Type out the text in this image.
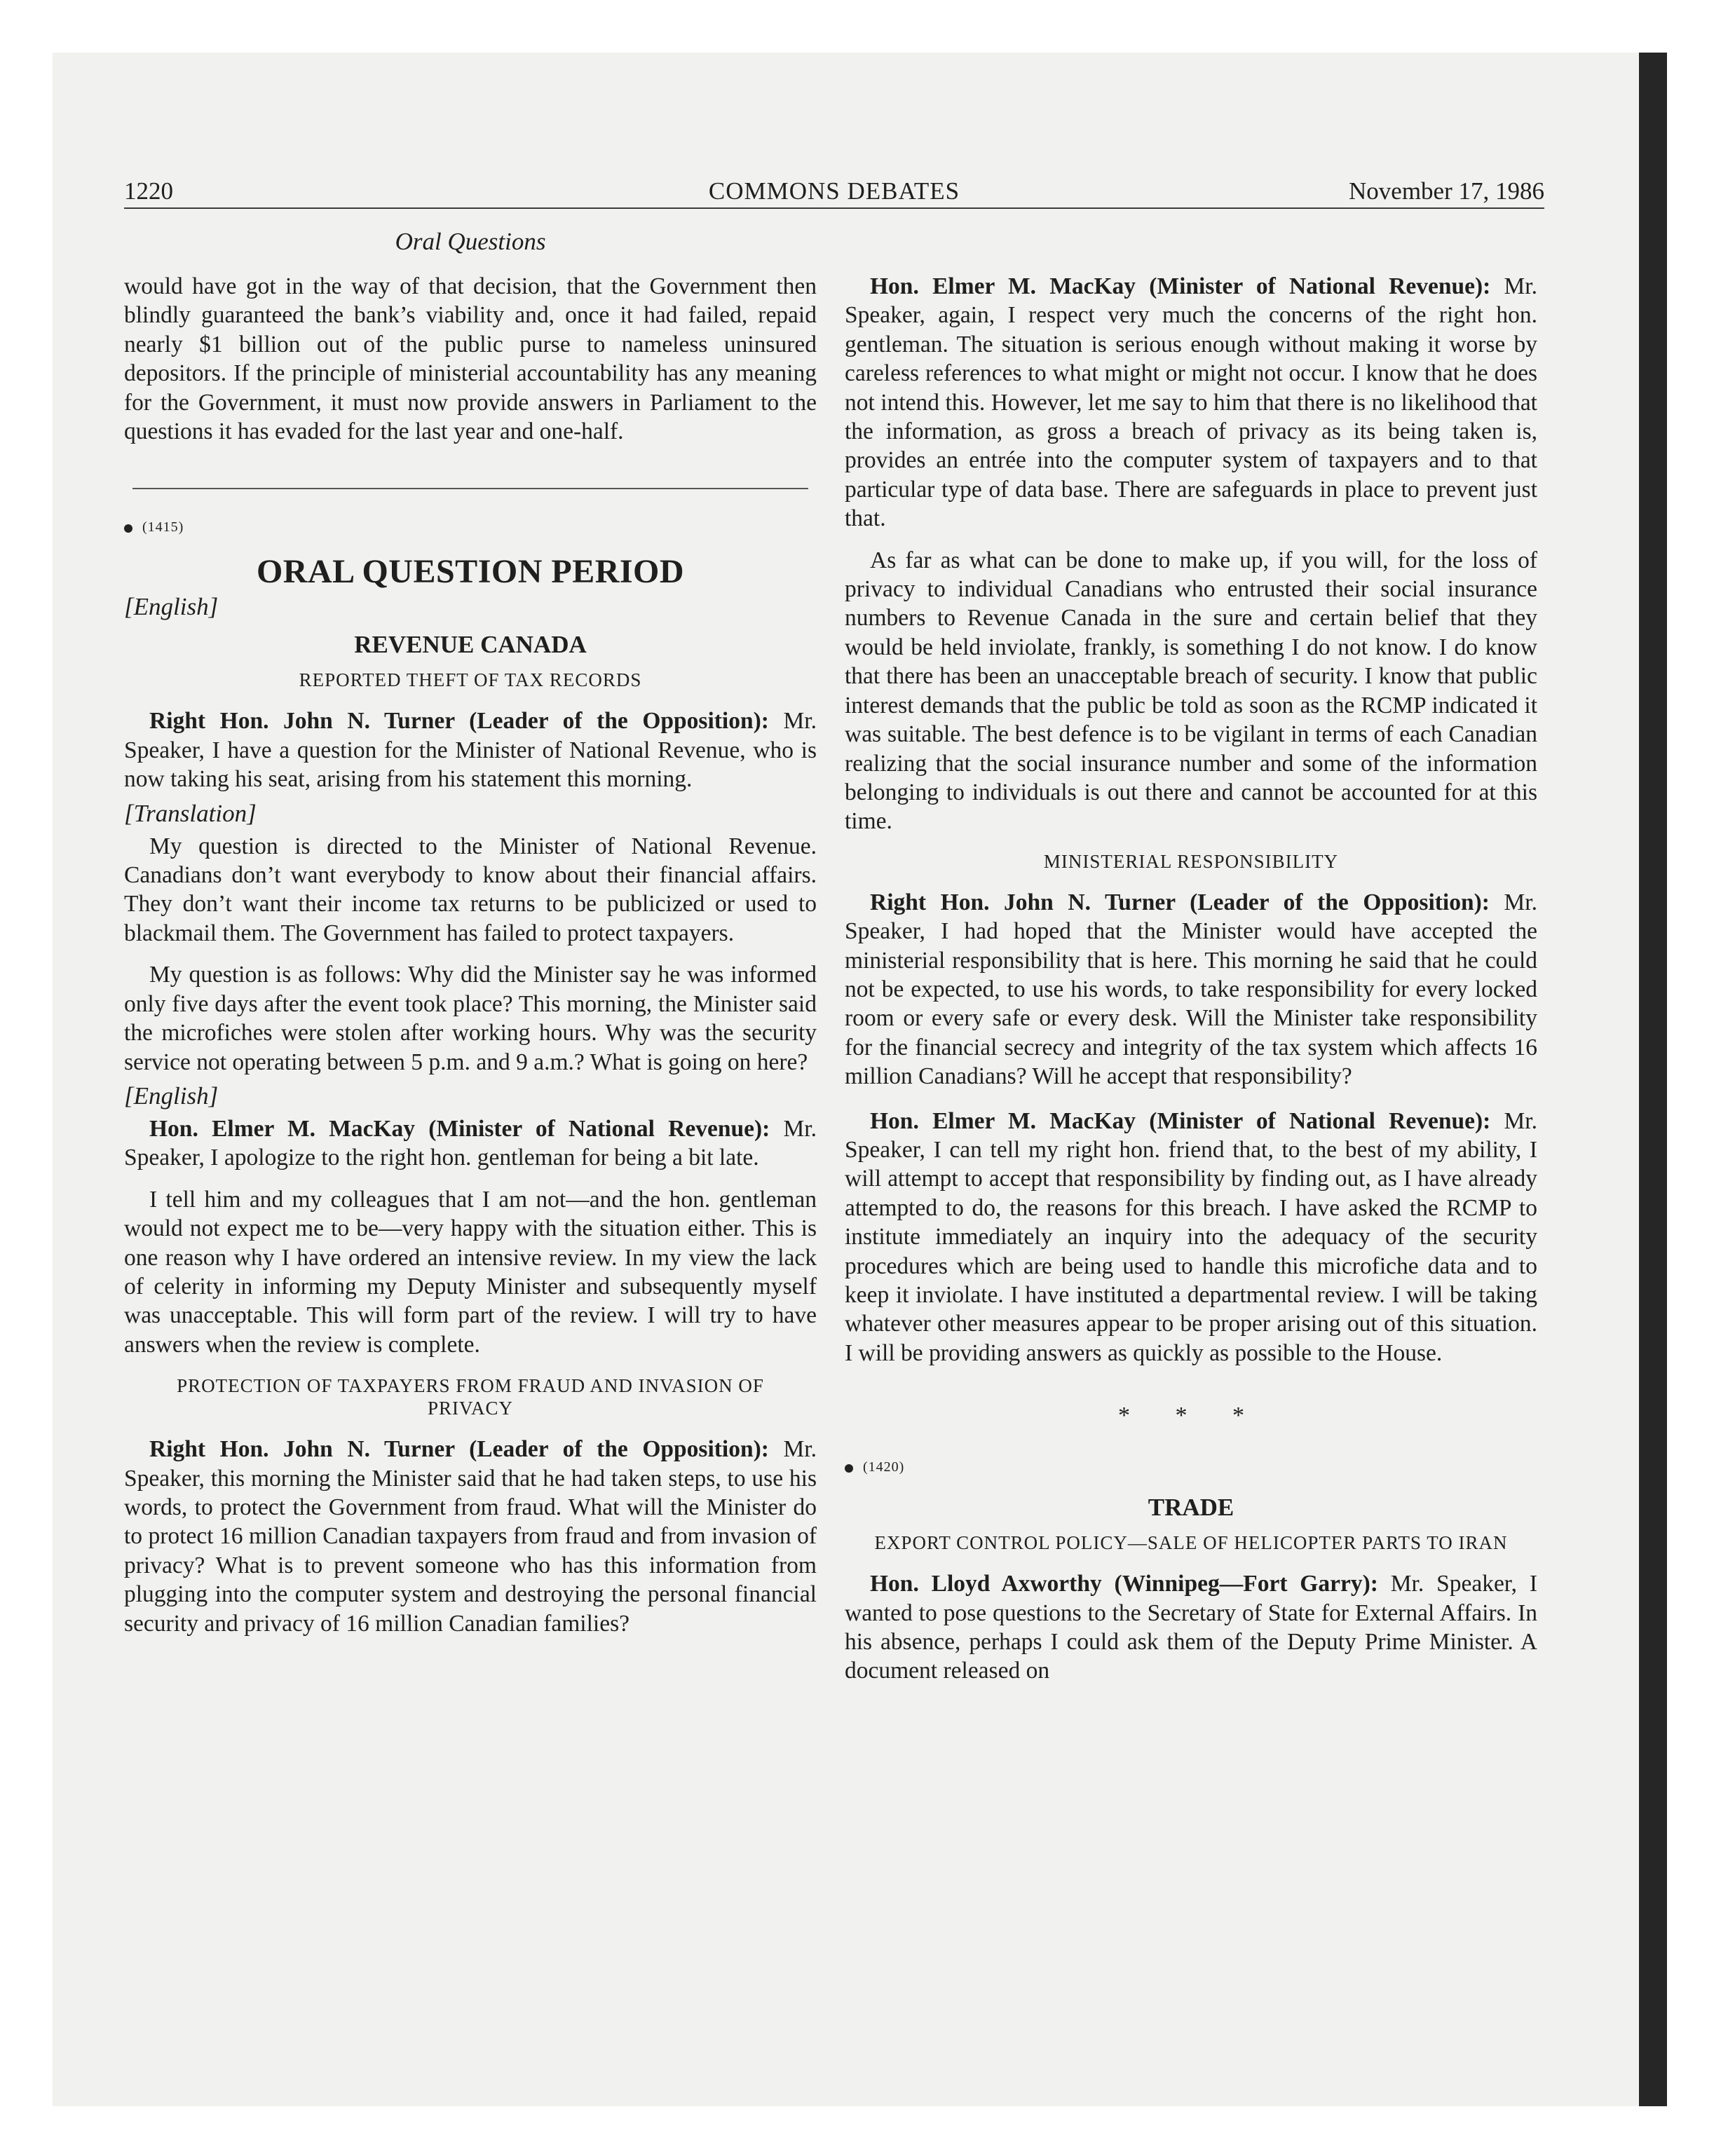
1220	COMMONS DEBATES	November 17, 1986
Oral Questions

would have got in the way of that decision, that the Government then blindly guaranteed the bank’s viability and, once it had failed, repaid nearly $1 billion out of the public purse to nameless uninsured depositors. If the principle of ministerial accountability has any meaning for the Government, it must now provide answers in Parliament to the questions it has evaded for the last year and one-half.

(1415)
ORAL QUESTION PERIOD
[English]
REVENUE CANADA
REPORTED THEFT OF TAX RECORDS

Right Hon. John N. Turner (Leader of the Opposition): Mr. Speaker, I have a question for the Minister of National Revenue, who is now taking his seat, arising from his statement this morning.

[Translation]

My question is directed to the Minister of National Revenue. Canadians don’t want everybody to know about their financial affairs. They don’t want their income tax returns to be publicized or used to blackmail them. The Government has failed to protect taxpayers.

My question is as follows: Why did the Minister say he was informed only five days after the event took place? This morning, the Minister said the microfiches were stolen after working hours. Why was the security service not operating between 5 p.m. and 9 a.m.? What is going on here?

[English]

Hon. Elmer M. MacKay (Minister of National Revenue): Mr. Speaker, I apologize to the right hon. gentleman for being a bit late.

I tell him and my colleagues that I am not—and the hon. gentleman would not expect me to be—very happy with the situation either. This is one reason why I have ordered an intensive review. In my view the lack of celerity in informing my Deputy Minister and subsequently myself was unacceptable. This will form part of the review. I will try to have answers when the review is complete.

PROTECTION OF TAXPAYERS FROM FRAUD AND INVASION OF PRIVACY

Right Hon. John N. Turner (Leader of the Opposition): Mr. Speaker, this morning the Minister said that he had taken steps, to use his words, to protect the Government from fraud. What will the Minister do to protect 16 million Canadian taxpayers from fraud and from invasion of privacy? What is to prevent someone who has this information from plugging into the computer system and destroying the personal financial security and privacy of 16 million Canadian families?

Hon. Elmer M. MacKay (Minister of National Revenue): Mr. Speaker, again, I respect very much the concerns of the right hon. gentleman. The situation is serious enough without making it worse by careless references to what might or might not occur. I know that he does not intend this. However, let me say to him that there is no likelihood that the information, as gross a breach of privacy as its being taken is, provides an entrée into the computer system of taxpayers and to that particular type of data base. There are safeguards in place to prevent just that.

As far as what can be done to make up, if you will, for the loss of privacy to individual Canadians who entrusted their social insurance numbers to Revenue Canada in the sure and certain belief that they would be held inviolate, frankly, is something I do not know. I do know that there has been an unacceptable breach of security. I know that public interest demands that the public be told as soon as the RCMP indicated it was suitable. The best defence is to be vigilant in terms of each Canadian realizing that the social insurance number and some of the information belonging to individuals is out there and cannot be accounted for at this time.

MINISTERIAL RESPONSIBILITY

Right Hon. John N. Turner (Leader of the Opposition): Mr. Speaker, I had hoped that the Minister would have accepted the ministerial responsibility that is here. This morning he said that he could not be expected, to use his words, to take responsibility for every locked room or every safe or every desk. Will the Minister take responsibility for the financial secrecy and integrity of the tax system which affects 16 million Canadians? Will he accept that responsibility?

Hon. Elmer M. MacKay (Minister of National Revenue): Mr. Speaker, I can tell my right hon. friend that, to the best of my ability, I will attempt to accept that responsibility by finding out, as I have already attempted to do, the reasons for this breach. I have asked the RCMP to institute immediately an inquiry into the adequacy of the security procedures which are being used to handle this microfiche data and to keep it inviolate. I have instituted a departmental review. I will be taking whatever other measures appear to be proper arising out of this situation. I will be providing answers as quickly as possible to the House.

* * *
(1420)
TRADE
EXPORT CONTROL POLICY—SALE OF HELICOPTER PARTS TO IRAN

Hon. Lloyd Axworthy (Winnipeg—Fort Garry): Mr. Speaker, I wanted to pose questions to the Secretary of State for External Affairs. In his absence, perhaps I could ask them of the Deputy Prime Minister. A document released on
